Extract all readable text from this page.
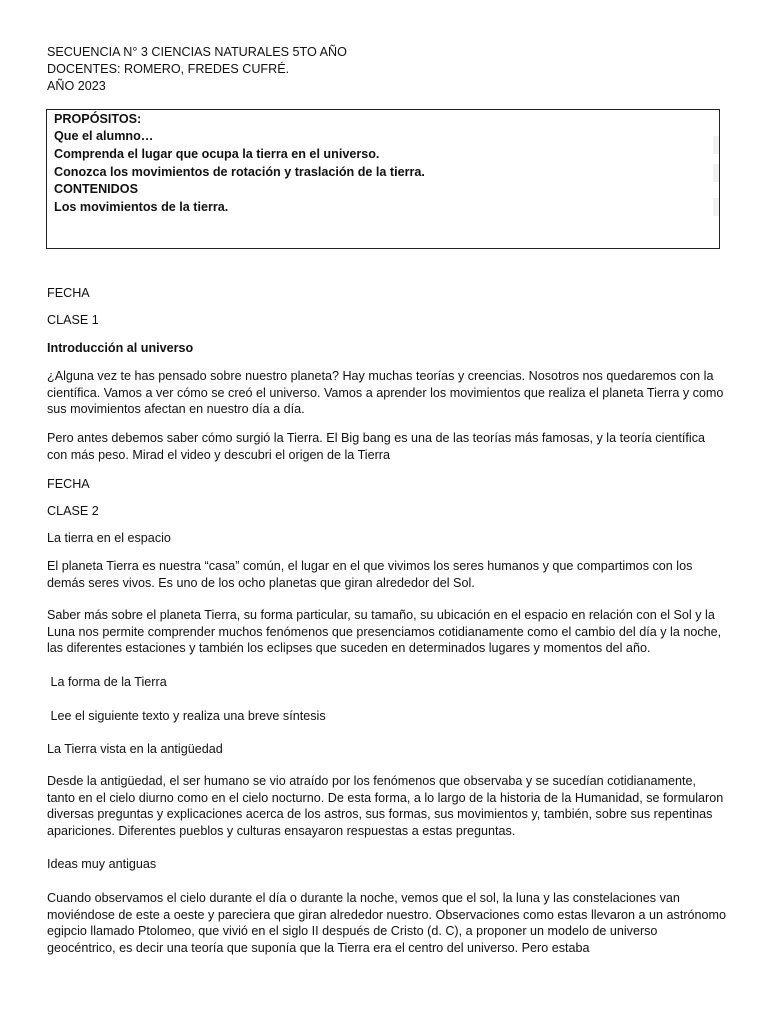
SECUENCIA N° 3 CIENCIAS NATURALES 5TO AÑO
DOCENTES: ROMERO, FREDES CUFRÉ.
AÑO 2023
PROPÓSITOS:
Que el alumno…
Comprenda el lugar que ocupa la tierra en el universo.
Conozca los movimientos de rotación y traslación de la tierra.
CONTENIDOS
Los movimientos de la tierra.
FECHA
CLASE 1
Introducción al universo

¿Alguna vez te has pensado sobre nuestro planeta? Hay muchas teorías y creencias. Nosotros nos quedaremos con la científica. Vamos a ver cómo se creó el universo. Vamos a aprender los movimientos que realiza el planeta Tierra y como sus movimientos afectan en nuestro día a día.

Pero antes debemos saber cómo surgió la Tierra. El Big bang es una de las teorías más famosas, y la teoría científica con más peso. Mirad el video y descubri el origen de la Tierra

FECHA
CLASE 2
La tierra en el espacio

El planeta Tierra es nuestra “casa” común, el lugar en el que vivimos los seres humanos y que compartimos con los demás seres vivos. Es uno de los ocho planetas que giran alrededor del Sol.

Saber más sobre el planeta Tierra, su forma particular, su tamaño, su ubicación en el espacio en relación con el Sol y la Luna nos permite comprender muchos fenómenos que presenciamos cotidianamente como el cambio del día y la noche, las diferentes estaciones y también los eclipses que suceden en determinados lugares y momentos del año.

La forma de la Tierra
Lee el siguiente texto y realiza una breve síntesis
La Tierra vista en la antigüedad

Desde la antigüedad, el ser humano se vio atraído por los fenómenos que observaba y se sucedían cotidianamente, tanto en el cielo diurno como en el cielo nocturno. De esta forma, a lo largo de la historia de la Humanidad, se formularon diversas preguntas y explicaciones acerca de los astros, sus formas, sus movimientos y, también, sobre sus repentinas apariciones. Diferentes pueblos y culturas ensayaron respuestas a estas preguntas.

Ideas muy antiguas

Cuando observamos el cielo durante el día o durante la noche, vemos que el sol, la luna y las constelaciones van moviéndose de este a oeste y pareciera que giran alrededor nuestro. Observaciones como estas llevaron a un astrónomo egipcio llamado Ptolomeo, que vivió en el siglo II después de Cristo (d. C), a proponer un modelo de universo geocéntrico, es decir una teoría que suponía que la Tierra era el centro del universo. Pero estaba
